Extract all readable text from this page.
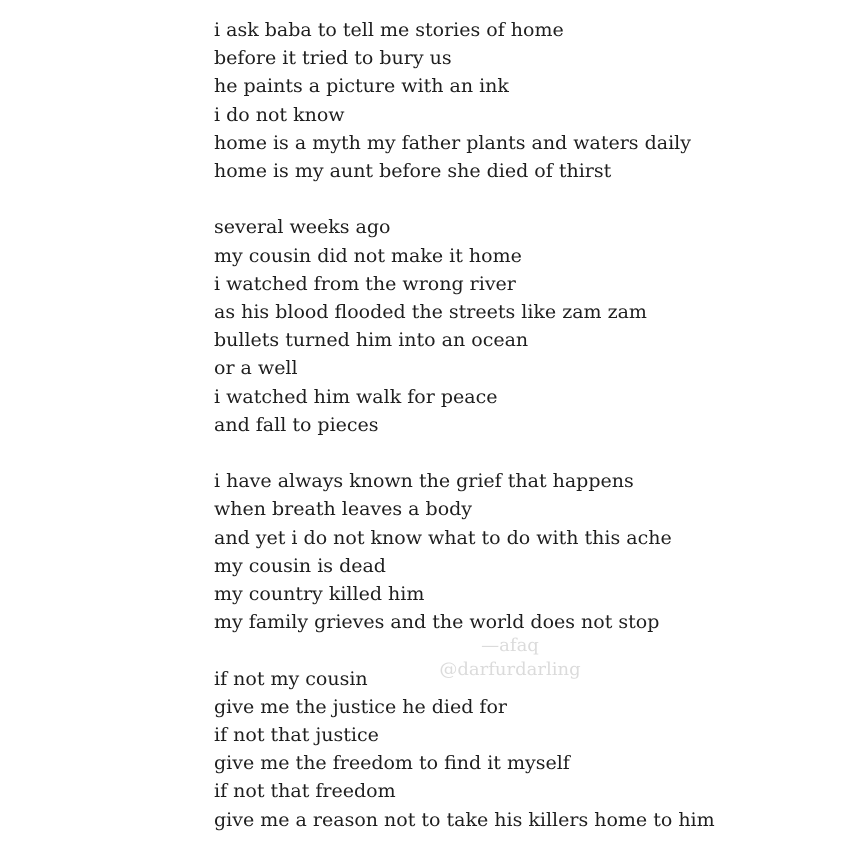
i ask baba to tell me stories of home
before it tried to bury us
he paints a picture with an ink
i do not know
home is a myth my father plants and waters daily
home is my aunt before she died of thirst
several weeks ago
my cousin did not make it home
i watched from the wrong river
as his blood flooded the streets like zam zam
bullets turned him into an ocean
or a well
i watched him walk for peace
and fall to pieces
i have always known the grief that happens
when breath leaves a body
and yet i do not know what to do with this ache
my cousin is dead
my country killed him
my family grieves and the world does not stop
if not my cousin
give me the justice he died for
if not that justice
give me the freedom to find it myself
if not that freedom
give me a reason not to take his killers home to him
—afaq
@darfurdarling
